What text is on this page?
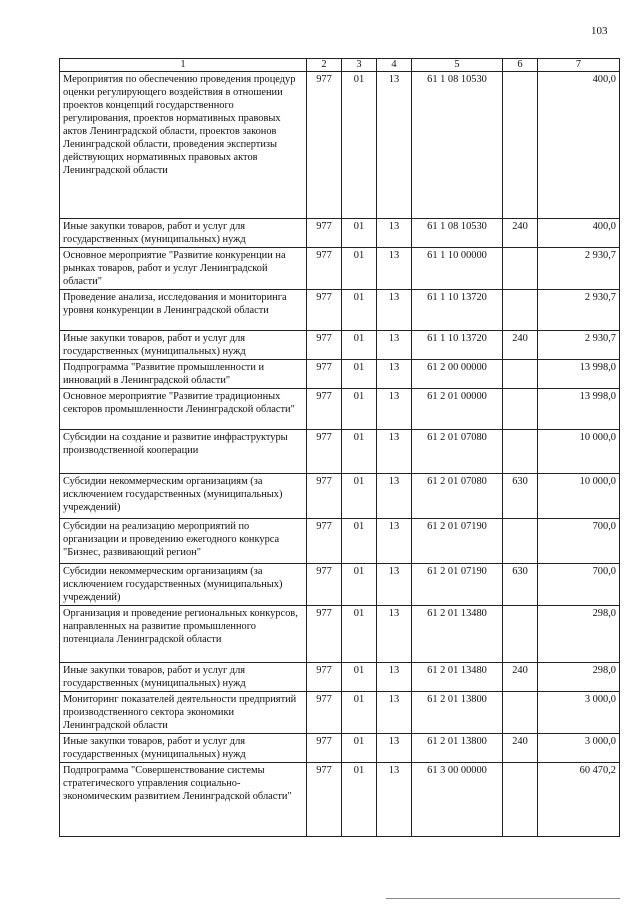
103
1	2	3	4	5	6	7
Мероприятия по обеспечению проведения процедур оценки регулирующего воздействия в отношении проектов концепций государственного регулирования, проектов нормативных правовых актов Ленинградской области, проектов законов Ленинградской области, проведения экспертизы действующих нормативных правовых актов Ленинградской области	977	01	13	61 1 08 10530		400,0
Иные закупки товаров, работ и услуг для государственных (муниципальных) нужд	977	01	13	61 1 08 10530	240	400,0
Основное мероприятие "Развитие конкуренции на рынках товаров, работ и услуг Ленинградской области"	977	01	13	61 1 10 00000		2 930,7
Проведение анализа, исследования и мониторинга уровня конкуренции в Ленинградской области	977	01	13	61 1 10 13720		2 930,7
Иные закупки товаров, работ и услуг для государственных (муниципальных) нужд	977	01	13	61 1 10 13720	240	2 930,7
Подпрограмма "Развитие промышленности и инноваций в Ленинградской области"	977	01	13	61 2 00 00000		13 998,0
Основное мероприятие "Развитие традиционных секторов промышленности Ленинградской области"	977	01	13	61 2 01 00000		13 998,0
Субсидии на создание и развитие инфраструктуры производственной кооперации	977	01	13	61 2 01 07080		10 000,0
Субсидии некоммерческим организациям (за исключением государственных (муниципальных) учреждений)	977	01	13	61 2 01 07080	630	10 000,0
Субсидии на реализацию мероприятий по организации и проведению ежегодного конкурса "Бизнес, развивающий регион"	977	01	13	61 2 01 07190		700,0
Субсидии некоммерческим организациям (за исключением государственных (муниципальных) учреждений)	977	01	13	61 2 01 07190	630	700,0
Организация и проведение региональных конкурсов, направленных на развитие промышленного потенциала Ленинградской области	977	01	13	61 2 01 13480		298,0
Иные закупки товаров, работ и услуг для государственных (муниципальных) нужд	977	01	13	61 2 01 13480	240	298,0
Мониторинг показателей деятельности предприятий производственного сектора экономики Ленинградской области	977	01	13	61 2 01 13800		3 000,0
Иные закупки товаров, работ и услуг для государственных (муниципальных) нужд	977	01	13	61 2 01 13800	240	3 000,0
Подпрограмма "Совершенствование системы стратегического управления социально-экономическим развитием Ленинградской области"	977	01	13	61 3 00 00000		60 470,2
